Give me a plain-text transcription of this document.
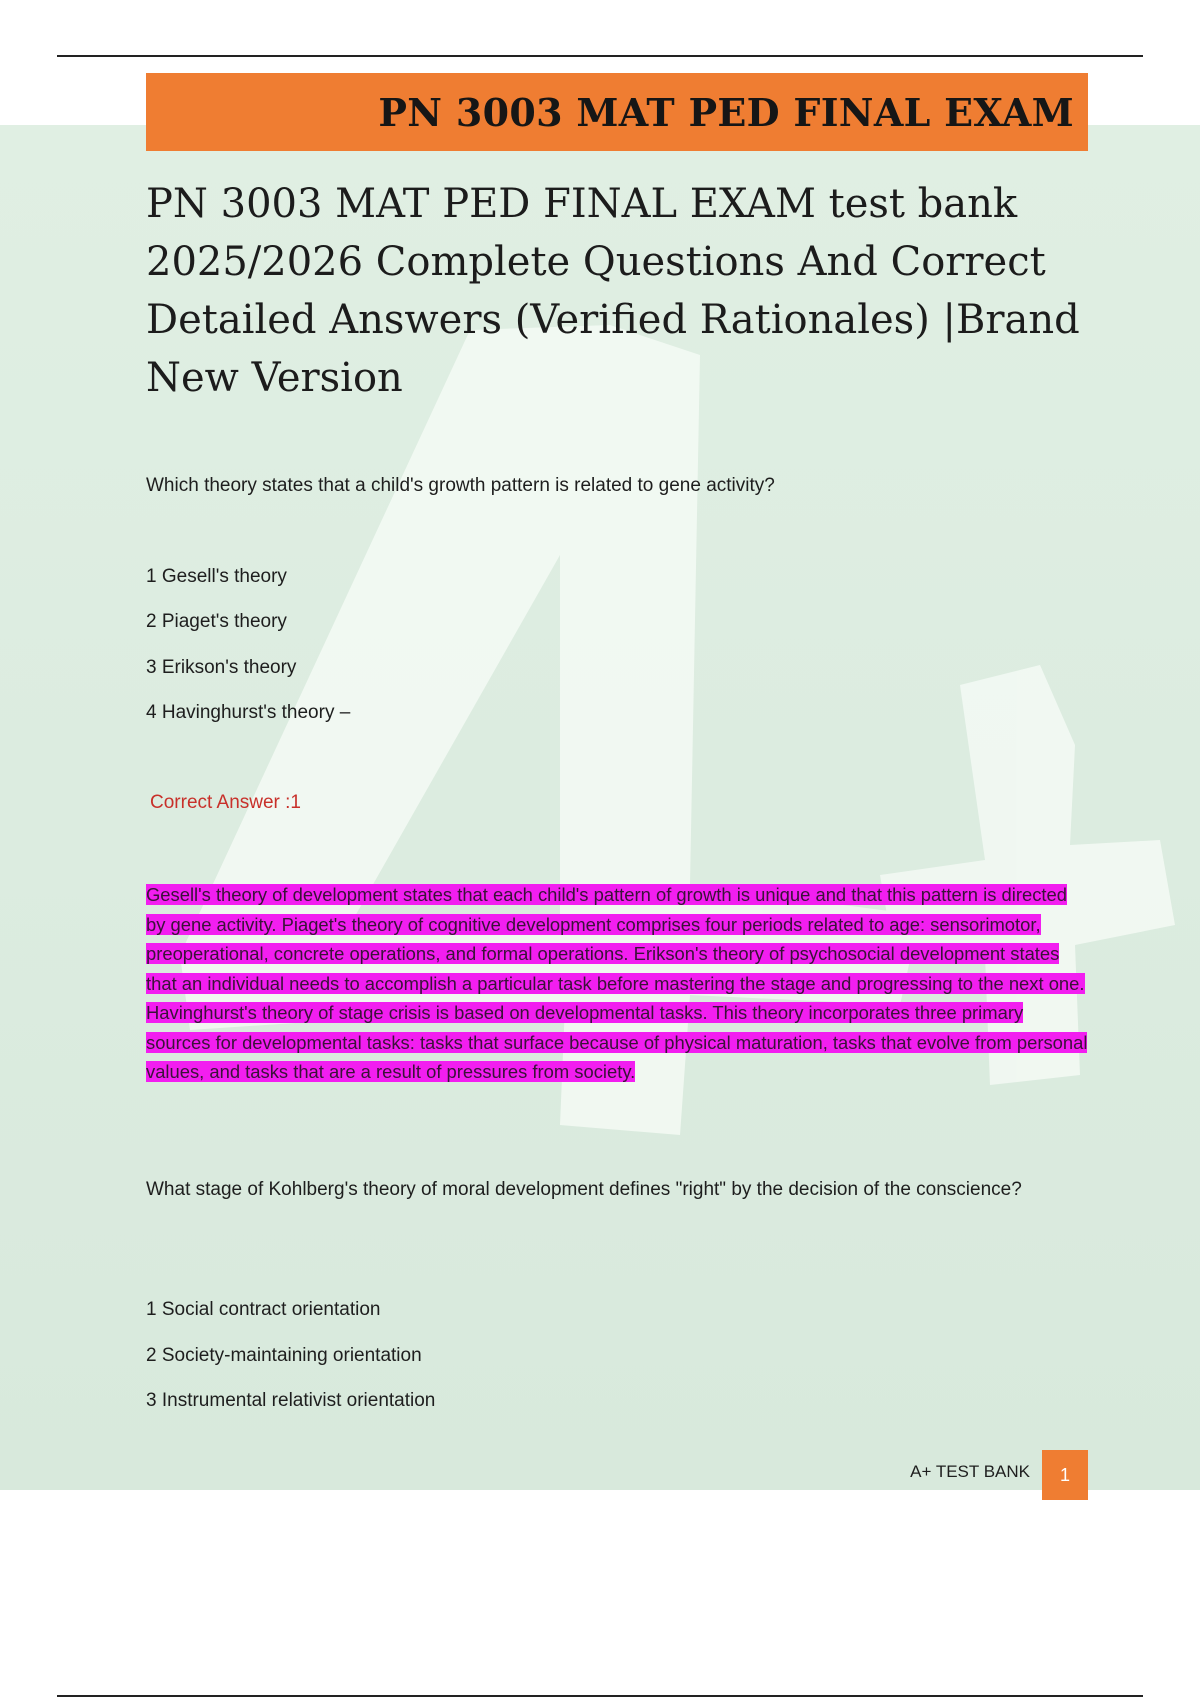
PN 3003 MAT PED FINAL EXAM
PN 3003 MAT PED FINAL EXAM test bank 2025/2026 Complete Questions And Correct Detailed Answers (Verified Rationales) |Brand New Version

Which theory states that a child's growth pattern is related to gene activity?

1 Gesell's theory

2 Piaget's theory

3 Erikson's theory

4 Havinghurst's theory –

Correct Answer :1

Gesell's theory of development states that each child's pattern of growth is unique and that this pattern is directed by gene activity. Piaget's theory of cognitive development comprises four periods related to age: sensorimotor, preoperational, concrete operations, and formal operations. Erikson's theory of psychosocial development states that an individual needs to accomplish a particular task before mastering the stage and progressing to the next one. Havinghurst's theory of stage crisis is based on developmental tasks. This theory incorporates three primary sources for developmental tasks: tasks that surface because of physical maturation, tasks that evolve from personal values, and tasks that are a result of pressures from society.

What stage of Kohlberg's theory of moral development defines "right" by the decision of the conscience?

1 Social contract orientation

2 Society-maintaining orientation

3 Instrumental relativist orientation

A+ TEST BANK	1
